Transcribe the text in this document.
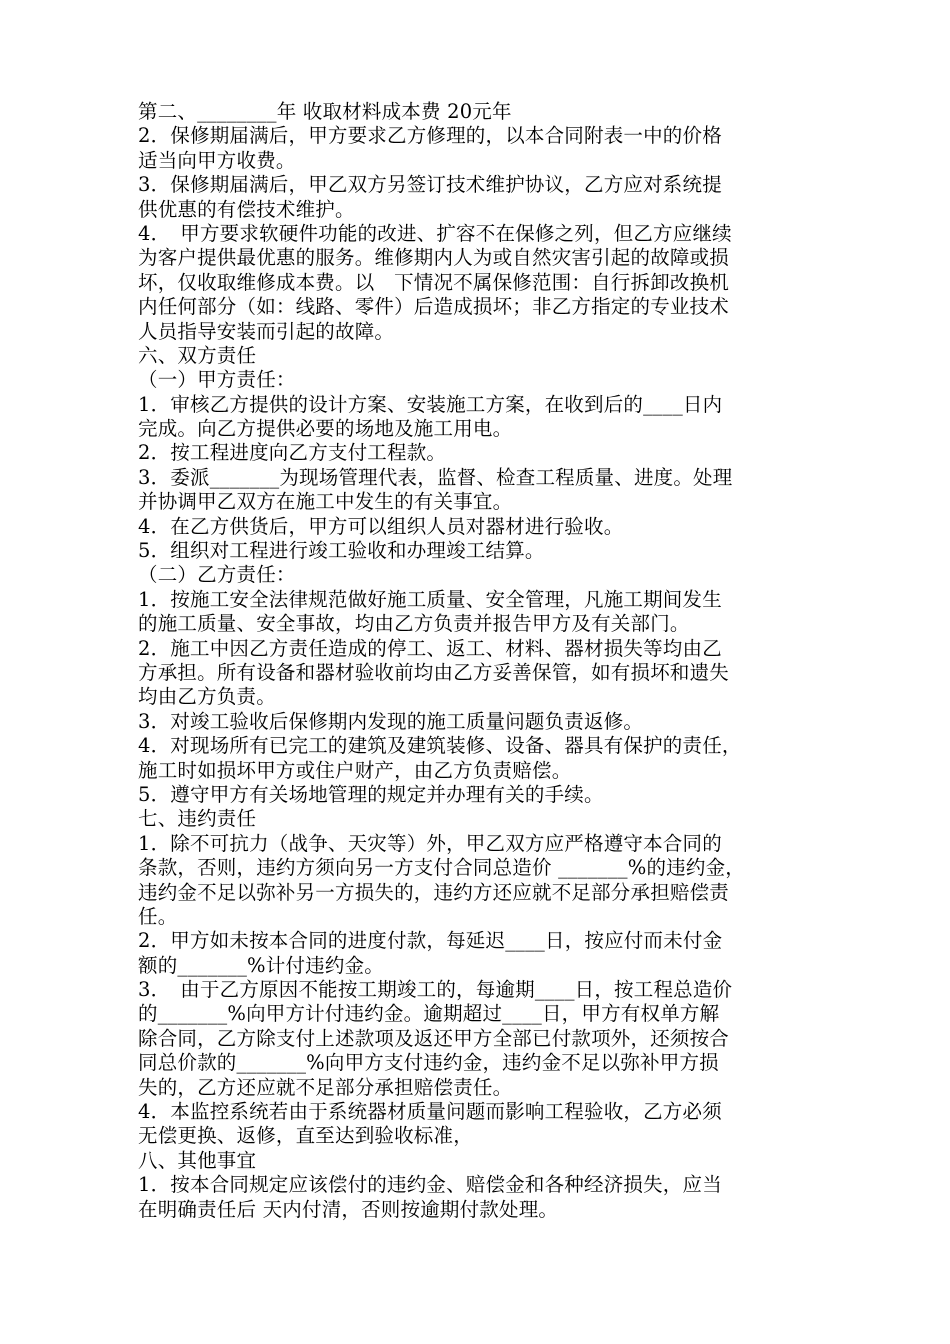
第二、________年 收取材料成本费 20元年
2．保修期届满后，甲方要求乙方修理的，以本合同附表一中的价格
适当向甲方收费。
3．保修期届满后，甲乙双方另签订技术维护协议，乙方应对系统提
供优惠的有偿技术维护。
4．　甲方要求软硬件功能的改进、扩容不在保修之列，但乙方应继续
为客户提供最优惠的服务。维修期内人为或自然灾害引起的故障或损
坏，仅收取维修成本费。以　下情况不属保修范围：自行拆卸改换机
内任何部分（如：线路、零件）后造成损坏；非乙方指定的专业技术
人员指导安装而引起的故障。
六、双方责任
（一）甲方责任：
1．审核乙方提供的设计方案、安装施工方案，在收到后的____日内
完成。向乙方提供必要的场地及施工用电。
2．按工程进度向乙方支付工程款。
3．委派_______为现场管理代表，监督、检查工程质量、进度。处理
并协调甲乙双方在施工中发生的有关事宜。
4．在乙方供货后，甲方可以组织人员对器材进行验收。
5．组织对工程进行竣工验收和办理竣工结算。
（二）乙方责任：
1．按施工安全法律规范做好施工质量、安全管理，凡施工期间发生
的施工质量、安全事故，均由乙方负责并报告甲方及有关部门。
2．施工中因乙方责任造成的停工、返工、材料、器材损失等均由乙
方承担。所有设备和器材验收前均由乙方妥善保管，如有损坏和遗失
均由乙方负责。
3．对竣工验收后保修期内发现的施工质量问题负责返修。
4．对现场所有已完工的建筑及建筑装修、设备、器具有保护的责任，
施工时如损坏甲方或住户财产，由乙方负责赔偿。
5．遵守甲方有关场地管理的规定并办理有关的手续。
七、违约责任
1．除不可抗力（战争、天灾等）外，甲乙双方应严格遵守本合同的
条款，否则，违约方须向另一方支付合同总造价 _______%的违约金，
违约金不足以弥补另一方损失的，违约方还应就不足部分承担赔偿责
任。
2．甲方如未按本合同的进度付款，每延迟____日，按应付而未付金
额的_______%计付违约金。
3．　由于乙方原因不能按工期竣工的，每逾期____日，按工程总造价
的_______%向甲方计付违约金。逾期超过____日，甲方有权单方解
除合同，乙方除支付上述款项及返还甲方全部已付款项外，还须按合
同总价款的_______%向甲方支付违约金，违约金不足以弥补甲方损
失的，乙方还应就不足部分承担赔偿责任。
4．本监控系统若由于系统器材质量问题而影响工程验收，乙方必须
无偿更换、返修，直至达到验收标准，
八、其他事宜
1．按本合同规定应该偿付的违约金、赔偿金和各种经济损失，应当
在明确责任后 天内付清，否则按逾期付款处理。
